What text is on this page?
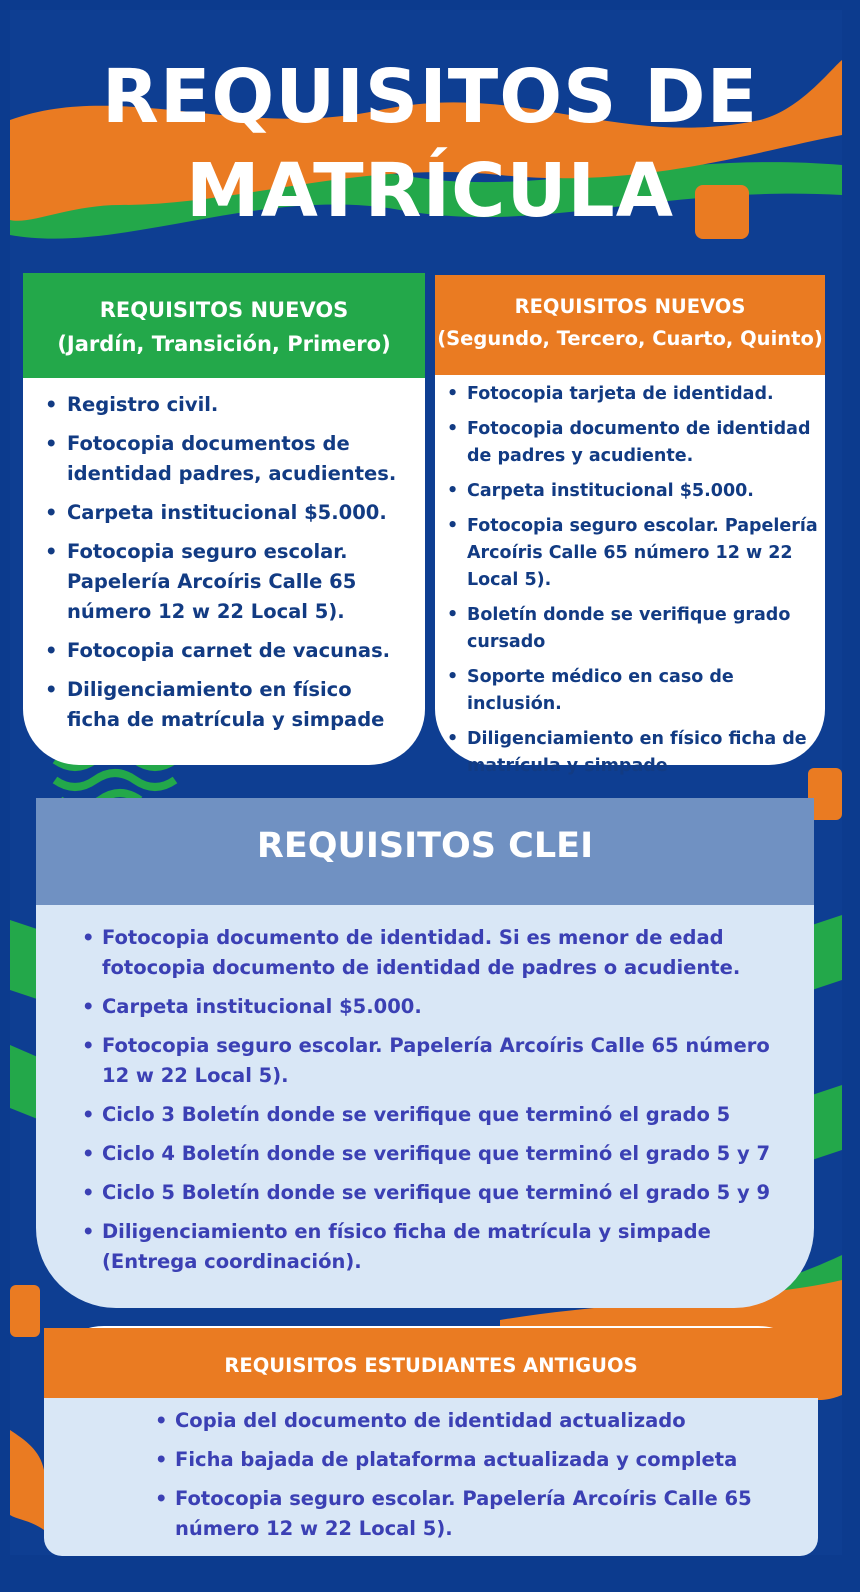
REQUISITOS DE
MATRÍCULA
REQUISITOS NUEVOS
(Jardín, Transición, Primero)
• Registro civil.
• Fotocopia documentos de identidad padres, acudientes.
• Carpeta institucional $5.000.
• Fotocopia seguro escolar. Papelería Arcoíris Calle 65 número 12 w 22 Local 5).
• Fotocopia carnet de vacunas.
• Diligenciamiento en físico ficha de matrícula y simpade
REQUISITOS NUEVOS
(Segundo, Tercero, Cuarto, Quinto)
• Fotocopia tarjeta de identidad.
• Fotocopia documento de identidad de padres y acudiente.
• Carpeta institucional $5.000.
• Fotocopia seguro escolar. Papelería Arcoíris Calle 65 número 12 w 22 Local 5).
• Boletín donde se verifique grado cursado
• Soporte médico en caso de inclusión.
• Diligenciamiento en físico ficha de matrícula y simpade
REQUISITOS CLEI
• Fotocopia documento de identidad. Si es menor de edad fotocopia documento de identidad de padres o acudiente.
• Carpeta institucional $5.000.
• Fotocopia seguro escolar. Papelería Arcoíris Calle 65 número 12 w 22 Local 5).
• Ciclo 3 Boletín donde se verifique que terminó el grado 5
• Ciclo 4 Boletín donde se verifique que terminó el grado 5 y 7
• Ciclo 5 Boletín donde se verifique que terminó el grado 5 y 9
• Diligenciamiento en físico ficha de matrícula y simpade (Entrega coordinación).
REQUISITOS ESTUDIANTES ANTIGUOS
• Copia del documento de identidad actualizado
• Ficha bajada de plataforma actualizada y completa
• Fotocopia seguro escolar. Papelería Arcoíris Calle 65 número 12 w 22 Local 5).
